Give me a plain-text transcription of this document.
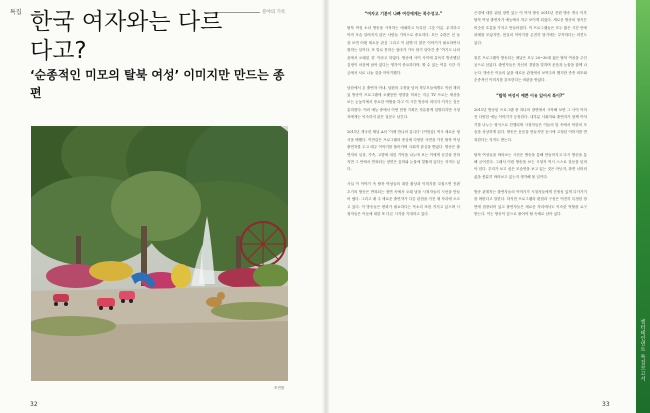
특집	분야의 기록
한국 여자와는 다르다고?
‘순종적인 미모의 탈북 여성’ 이미지만 만드는 종편
©연합
32

“여자고 기분이 나빠 여성에게는 북수성고.”

탈북 여성 소녀 방송을 시작하는 애매하고 독특한 그것 이름. 무지하고 아직 모습 알려지지 않은 사람들 기억으로 중요하다. 모든 수많은 신 들을 보면 어떤 새로운 관심 그리고 이 뒤엔 더 많은 이야기가 필요하여서 원하는 일이다. 또 말로 못하는 엄마가 가득 담기 살아간 중 ‘여기도 나의 꿈에서 오래된 것’ 이라고 하였다. 방송에 사이 사이에 유독히 방송했던 감정이 마음에 남아 있다는 생각이 중요하다며, 할 수 있는 여유 시간 지금에서 서로 나눌 것을 이야기했다.

남한에서 온 출연자 아내, 남편의 주장을 넘어 학부모들에게도 이런 재미있 방송이 프로그램에 오랫동안 영향을 미치는 지금 TV 프로는 세상을 보는 눈높이에서 중요한 역할을 하고 이 시간 방송의 의미가 커지는 것은 흥미롭다. 여러 예능 중에서 이번 현장 기획은 자유롭게 설명되지만 시청자에게는 익숙하지 않은 질문도 남긴다.

2011년 개국한 채널 A의 ‘이제 만나러 갑니다’ (이만갑) 역시 새로운 형식을 택했다. 이만갑은 프로그램의 중심에 다양한 사연을 가진 탈북 여성 출연자를 두고 매주 이야기를 풀어가며 사회적 관심을 받았다. 방송은 출연자의 일상, 가족, 고향에 대한 기억을 나누며 보는 이에게 공감을 전하지만 그 안에서 반복되는 장면은 흥미와 눈물에 맞춰져 있다는 지적도 있다.

사실 이 이야기 속 탈북 여성들의 대한 환상과 이미지를 꼬집으면 종편 초기의 방송은 반복되는 장면 속에서 오래 남을 시청자들의 시선을 만들어 냈다. 그리고 매 주 새로운 출연자가 다른 관점을 가진 채 자리에 오르고 있다. 이 방송들은 변화가 필요하다는 목소리 또한 커지고 있으며 시청자들은 이들에 대한 또 다른 시각을 기대하고 있다.

곤경에 대한 위험 장면 있는 이 여자 방송 2011년 종편 방송 개국 이후 탈북 여성 출연자가 예능에서 자주 보이게 되었다. 새로운 방송의 형식은 비슷한 흐름을 가지고 만들어졌다. 이 프로그램들은 모두 짧은 시간 안에 화제를 모았지만, 현실의 이야기를 온전히 담기에는 부족하다는 의견도 있다.

물론 프로그램이 방송되는 채널은 모두 20~30대 젊은 탈북 여성을 주인공으로 삼았다. 출연자들은 자신의 경험을 말하며 웃음과 눈물을 함께 나눈다. 방송은 이들의 삶을 새로운 관점에서 보여주려 했지만 종종 외모와 순종적인 이미지를 강조한다는 비판을 받았다.

“탈북 여성이 예쁜 이유 있어서 특이?”

2011년 방송된 프로그램 중 하나의 장면에서 시작해 보면 그 사이 이어진 다양한 예능 이야기가 등장한다. 대부분 사회자와 출연자가 함께 이야기를 나누는 형식으로 진행되며 시청자들은 이들의 말 속에서 북한의 모습을 상상하게 된다. 방송은 웃음을 만들지만 동시에 고정된 이미지를 반복한다는 지적도 받는다.

탈북 여성들을 바라보는 시선은 방송을 통해 만들어지고 다시 방송을 통해 굳어진다. 그래서 이런 방송을 보는 시청자 역시 스스로 질문을 던져야 한다. 우리가 보고 싶은 모습만을 보고 있는 것은 아닌지, 화면 너머의 삶을 충분히 바라보고 있는지 생각해 볼 일이다.

방송 관계자는 출연자들의 이야기가 시청자들에게 진정성 있게 다가가기를 바란다고 말한다. 하지만 프로그램의 편집과 구성은 여전히 특정한 장면에 집중되어 있고 출연자들은 새로운 자리에서도 익숙한 역할을 요구받는다. 이는 방송이 앞으로 풀어야 할 숙제로 남아 있다.

33
엔터테인먼트 특집보고서
